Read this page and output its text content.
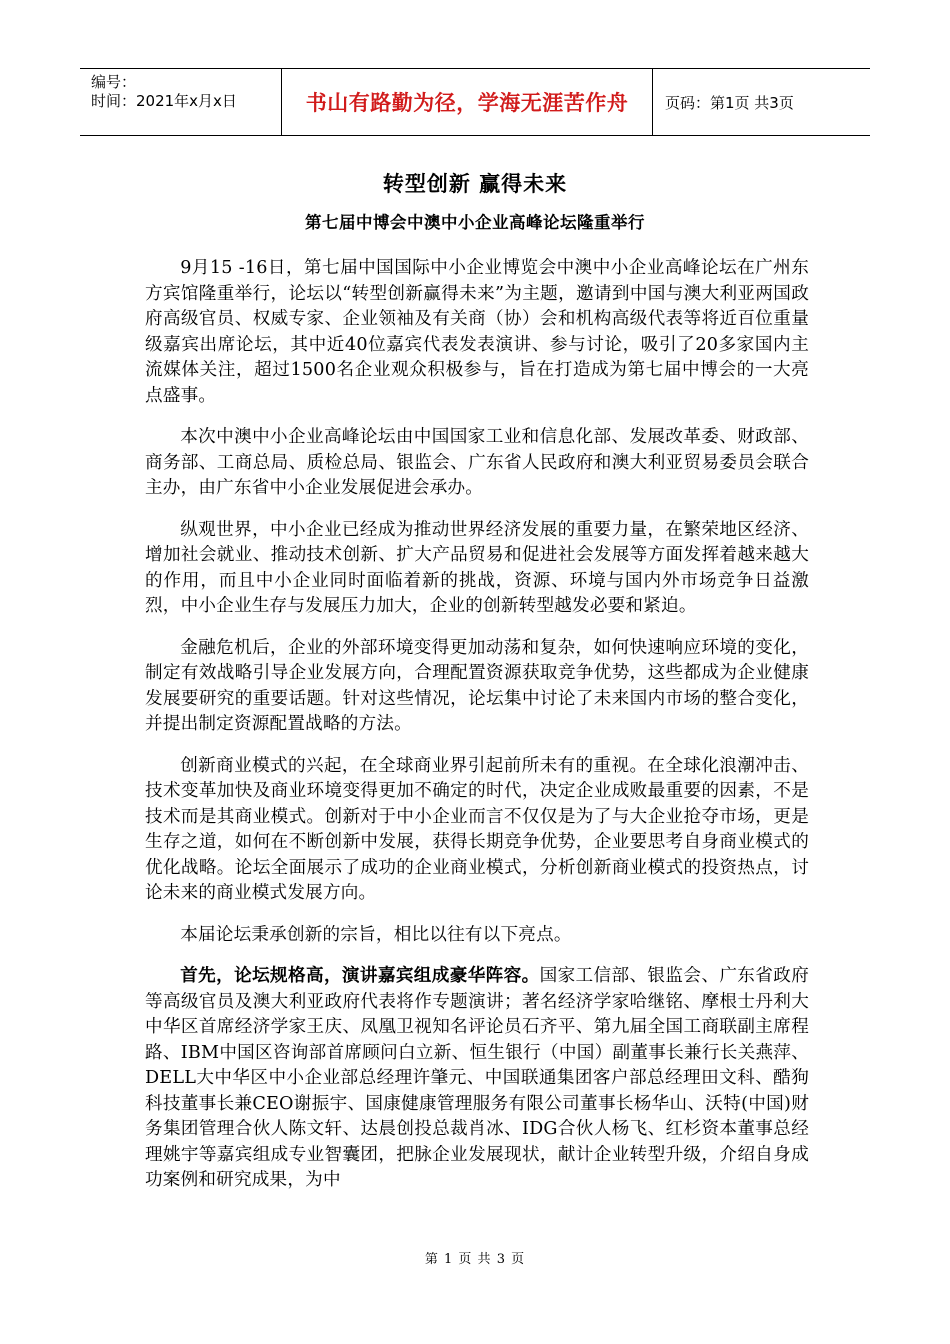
编号：
时间：2021年x月x日	书山有路勤为径，学海无涯苦作舟 页码：第1页 共3页
转型创新 赢得未来
第七届中博会中澳中小企业高峰论坛隆重举行

9月15 -16日，第七届中国国际中小企业博览会中澳中小企业高峰论坛在广州东方宾馆隆重举行，论坛以“转型创新赢得未来”为主题，邀请到中国与澳大利亚两国政府高级官员、权威专家、企业领袖及有关商（协）会和机构高级代表等将近百位重量级嘉宾出席论坛，其中近40位嘉宾代表发表演讲、参与讨论，吸引了20多家国内主流媒体关注，超过1500名企业观众积极参与，旨在打造成为第七届中博会的一大亮点盛事。

本次中澳中小企业高峰论坛由中国国家工业和信息化部、发展改革委、财政部、商务部、工商总局、质检总局、银监会、广东省人民政府和澳大利亚贸易委员会联合主办，由广东省中小企业发展促进会承办。

纵观世界，中小企业已经成为推动世界经济发展的重要力量，在繁荣地区经济、增加社会就业、推动技术创新、扩大产品贸易和促进社会发展等方面发挥着越来越大的作用，而且中小企业同时面临着新的挑战，资源、环境与国内外市场竞争日益激烈，中小企业生存与发展压力加大，企业的创新转型越发必要和紧迫。

金融危机后，企业的外部环境变得更加动荡和复杂，如何快速响应环境的变化，制定有效战略引导企业发展方向，合理配置资源获取竞争优势，这些都成为企业健康发展要研究的重要话题。针对这些情况，论坛集中讨论了未来国内市场的整合变化，并提出制定资源配置战略的方法。

创新商业模式的兴起，在全球商业界引起前所未有的重视。在全球化浪潮冲击、技术变革加快及商业环境变得更加不确定的时代，决定企业成败最重要的因素，不是技术而是其商业模式。创新对于中小企业而言不仅仅是为了与大企业抢夺市场，更是生存之道，如何在不断创新中发展，获得长期竞争优势，企业要思考自身商业模式的优化战略。论坛全面展示了成功的企业商业模式，分析创新商业模式的投资热点，讨论未来的商业模式发展方向。

本届论坛秉承创新的宗旨，相比以往有以下亮点。

首先，论坛规格高，演讲嘉宾组成豪华阵容。国家工信部、银监会、广东省政府等高级官员及澳大利亚政府代表将作专题演讲；著名经济学家哈继铭、摩根士丹利大中华区首席经济学家王庆、凤凰卫视知名评论员石齐平、第九届全国工商联副主席程路、IBM中国区咨询部首席顾问白立新、恒生银行（中国）副董事长兼行长关燕萍、DELL大中华区中小企业部总经理许肇元、中国联通集团客户部总经理田文科、酷狗科技董事长兼CEO谢振宇、国康健康管理服务有限公司董事长杨华山、沃特(中国)财务集团管理合伙人陈文轩、达晨创投总裁肖冰、IDG合伙人杨飞、红杉资本董事总经理姚宇等嘉宾组成专业智囊团，把脉企业发展现状，献计企业转型升级，介绍自身成功案例和研究成果，为中

第 1 页 共 3 页
